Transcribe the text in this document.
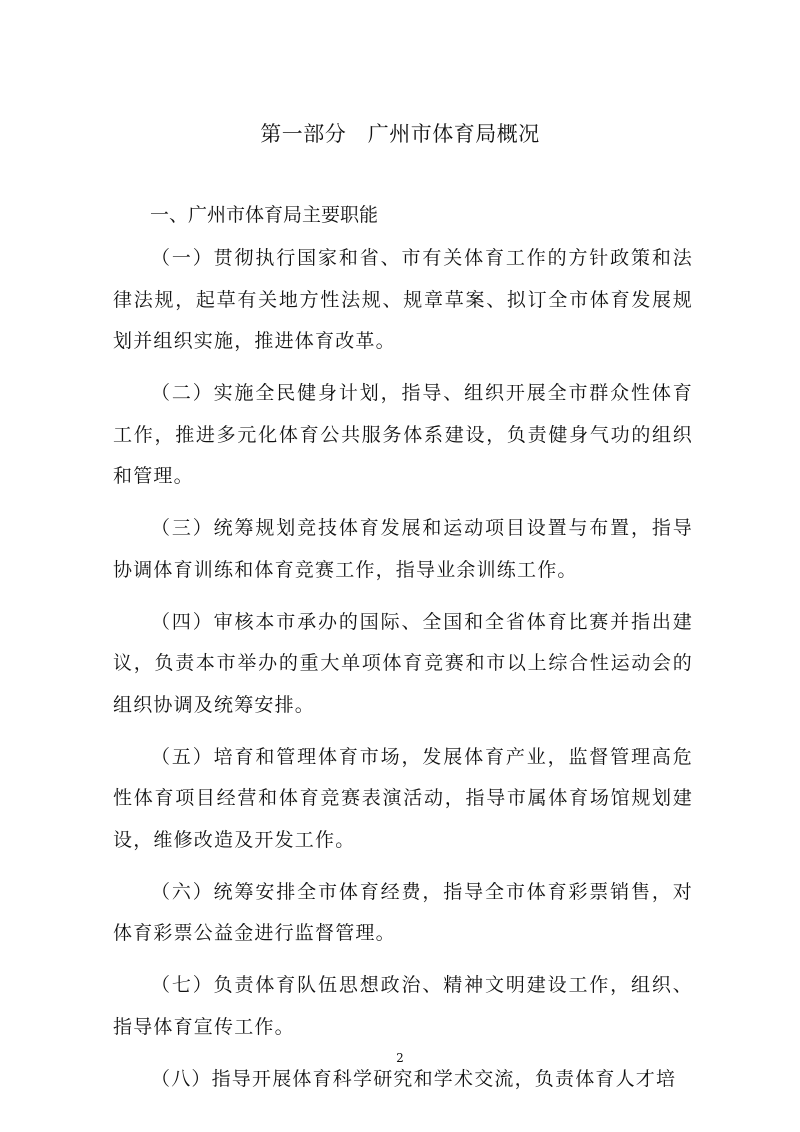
第一部分　广州市体育局概况
一、广州市体育局主要职能

（一）贯彻执行国家和省、市有关体育工作的方针政策和法律法规，起草有关地方性法规、规章草案、拟订全市体育发展规划并组织实施，推进体育改革。

（二）实施全民健身计划，指导、组织开展全市群众性体育工作，推进多元化体育公共服务体系建设，负责健身气功的组织和管理。

（三）统筹规划竞技体育发展和运动项目设置与布置，指导协调体育训练和体育竞赛工作，指导业余训练工作。

（四）审核本市承办的国际、全国和全省体育比赛并指出建议，负责本市举办的重大单项体育竞赛和市以上综合性运动会的组织协调及统筹安排。

（五）培育和管理体育市场，发展体育产业，监督管理高危性体育项目经营和体育竞赛表演活动，指导市属体育场馆规划建设，维修改造及开发工作。

（六）统筹安排全市体育经费，指导全市体育彩票销售，对体育彩票公益金进行监督管理。

（七）负责体育队伍思想政治、精神文明建设工作，组织、指导体育宣传工作。

（八）指导开展体育科学研究和学术交流，负责体育人才培

2
